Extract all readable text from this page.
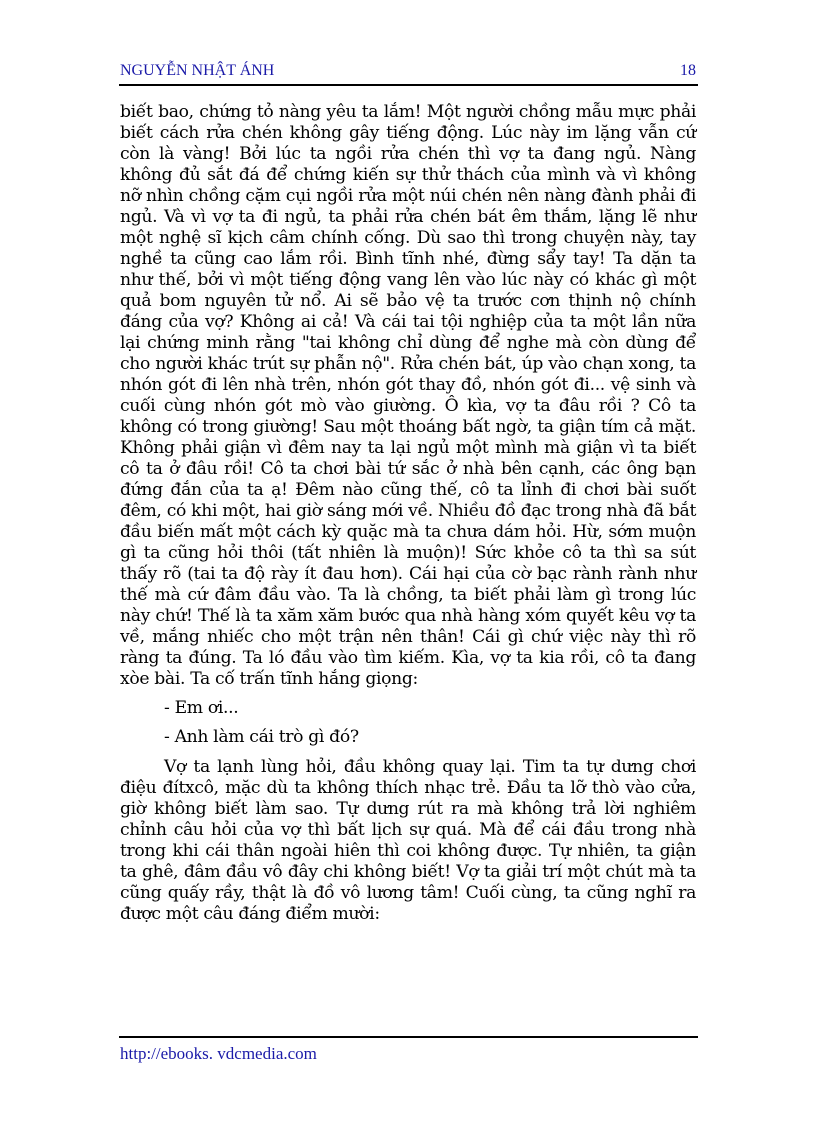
NGUYỄN NHẬT ÁNH	18

biết bao, chứng tỏ nàng yêu ta lắm! Một người chồng mẫu mực phải biết cách rửa chén không gây tiếng động. Lúc này im lặng vẫn cứ còn là vàng! Bởi lúc ta ngồi rửa chén thì vợ ta đang ngủ. Nàng không đủ sắt đá để chứng kiến sự thử thách của mình và vì không nỡ nhìn chồng cặm cụi ngồi rửa một núi chén nên nàng đành phải đi ngủ. Và vì vợ ta đi ngủ, ta phải rửa chén bát êm thắm, lặng lẽ như một nghệ sĩ kịch câm chính cống. Dù sao thì trong chuyện này, tay nghề ta cũng cao lắm rồi. Bình tĩnh nhé, đừng sẩy tay! Ta dặn ta như thế, bởi vì một tiếng động vang lên vào lúc này có khác gì một quả bom nguyên tử nổ. Ai sẽ bảo vệ ta trước cơn thịnh nộ chính đáng của vợ? Không ai cả! Và cái tai tội nghiệp của ta một lần nữa lại chứng minh rằng "tai không chỉ dùng để nghe mà còn dùng để cho người khác trút sự phẫn nộ". Rửa chén bát, úp vào chạn xong, ta nhón gót đi lên nhà trên, nhón gót thay đồ, nhón gót đi... vệ sinh và cuối cùng nhón gót mò vào giường. Ô kìa, vợ ta đâu rồi ? Cô ta không có trong giường! Sau một thoáng bất ngờ, ta giận tím cả mặt. Không phải giận vì đêm nay ta lại ngủ một mình mà giận vì ta biết cô ta ở đâu rồi! Cô ta chơi bài tứ sắc ở nhà bên cạnh, các ông bạn đứng đắn của ta ạ! Đêm nào cũng thế, cô ta lỉnh đi chơi bài suốt đêm, có khi một, hai giờ sáng mới về. Nhiều đồ đạc trong nhà đã bắt đầu biến mất một cách kỳ quặc mà ta chưa dám hỏi. Hừ, sớm muộn gì ta cũng hỏi thôi (tất nhiên là muộn)! Sức khỏe cô ta thì sa sút thấy rõ (tai ta độ rày ít đau hơn). Cái hại của cờ bạc rành rành như thế mà cứ đâm đầu vào. Ta là chồng, ta biết phải làm gì trong lúc này chứ! Thế là ta xăm xăm bước qua nhà hàng xóm quyết kêu vợ ta về, mắng nhiếc cho một trận nên thân! Cái gì chứ việc này thì rõ ràng ta đúng. Ta ló đầu vào tìm kiếm. Kìa, vợ ta kia rồi, cô ta đang xòe bài. Ta cố trấn tĩnh hắng giọng:

- Em ơi...

- Anh làm cái trò gì đó?

Vợ ta lạnh lùng hỏi, đầu không quay lại. Tim ta tự dưng chơi điệu đítxcô, mặc dù ta không thích nhạc trẻ. Đầu ta lỡ thò vào cửa, giờ không biết làm sao. Tự dưng rút ra mà không trả lời nghiêm chỉnh câu hỏi của vợ thì bất lịch sự quá. Mà để cái đầu trong nhà trong khi cái thân ngoài hiên thì coi không được. Tự nhiên, ta giận ta ghê, đâm đầu vô đây chi không biết! Vợ ta giải trí một chút mà ta cũng quấy rầy, thật là đồ vô lương tâm! Cuối cùng, ta cũng nghĩ ra được một câu đáng điểm mười:

http://ebooks. vdcmedia.com
